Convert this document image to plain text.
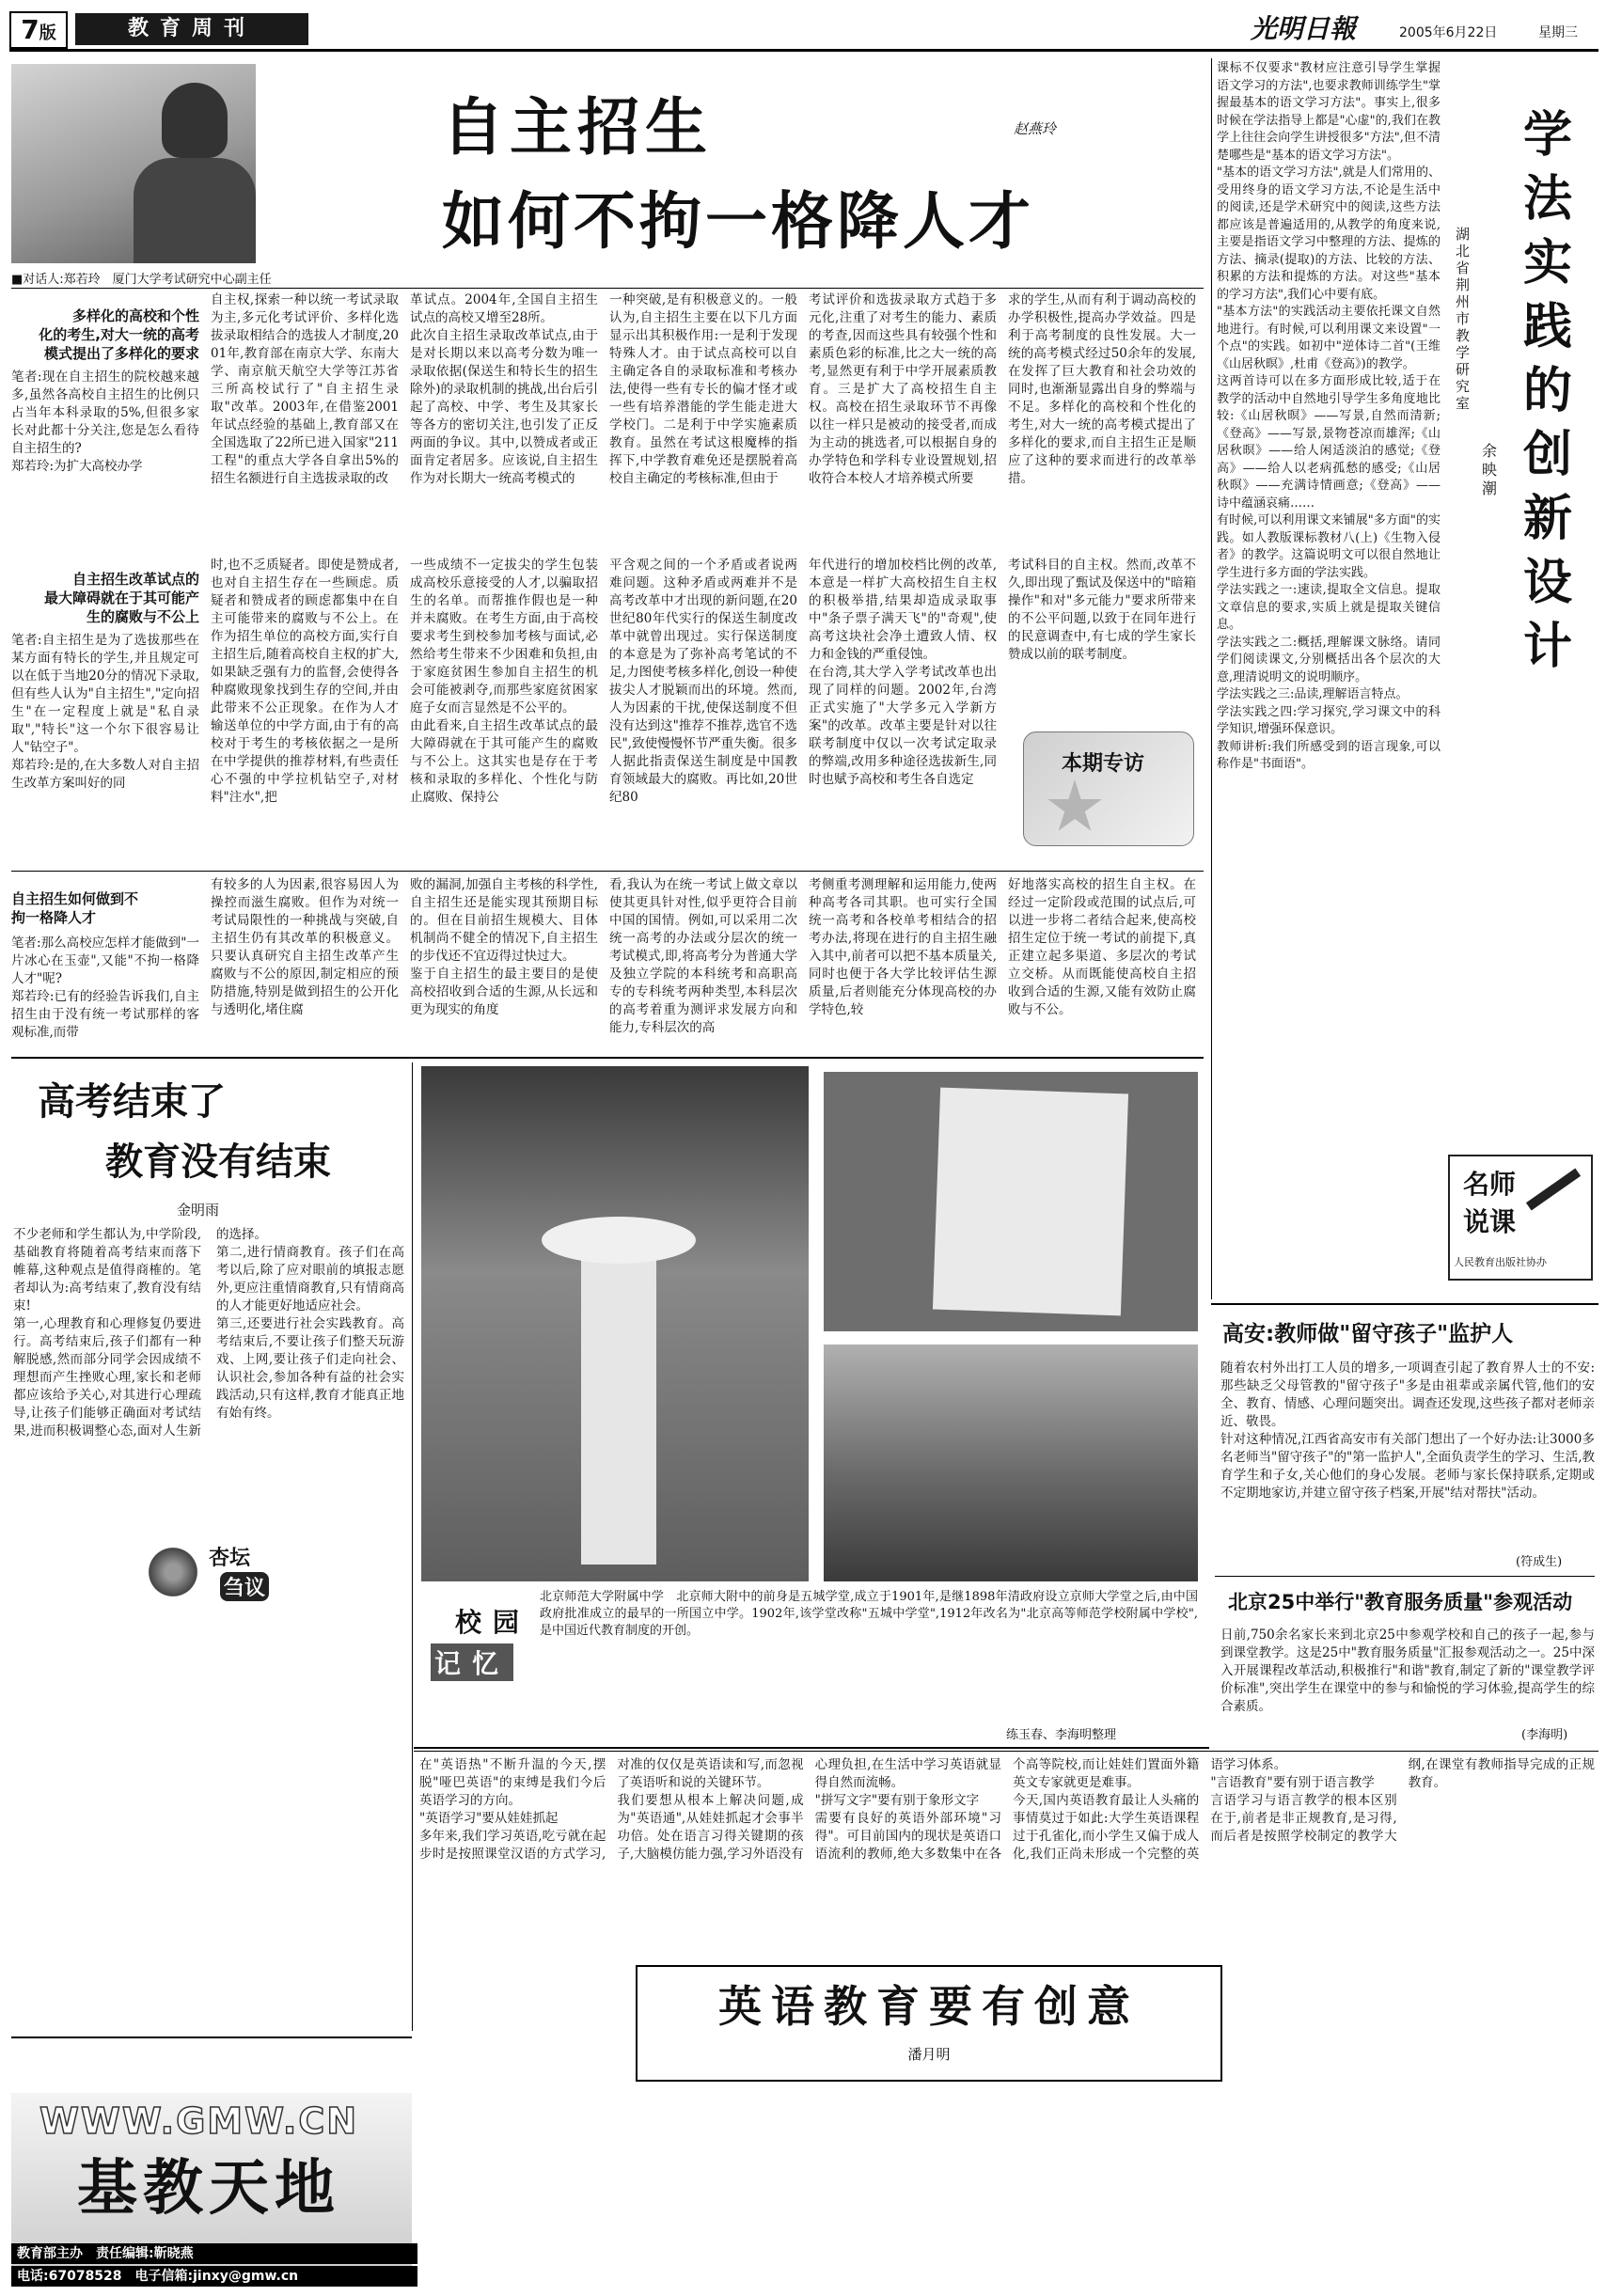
7版	教育周刊	光明日報	2005年6月22日	星期三
■对话人:郑若玲　厦门大学考试研究中心副主任
自主招生
如何不拘一格降人才
赵燕玲
多样化的高校和个性
化的考生,对大一统的高考
模式提出了多样化的要求
笔者:现在自主招生的院校越来越多,虽然各高校自主招生的比例只占当年本科录取的5%,但很多家长对此都十分关注,您是怎么看待自主招生的?
郑若玲:为扩大高校办学
自主权,探索一种以统一考试录取为主,多元化考试评价、多样化选拔录取相结合的选拔人才制度,2001年,教育部在南京大学、东南大学、南京航天航空大学等江苏省三所高校试行了"自主招生录取"改革。2003年,在借鉴2001年试点经验的基础上,教育部又在全国选取了22所已进入国家"211工程"的重点大学各自拿出5%的招生名额进行自主选拔录取的改
革试点。2004年,全国自主招生试点的高校又增至28所。
此次自主招生录取改革试点,由于是对长期以来以高考分数为唯一录取依据(保送生和特长生的招生除外)的录取机制的挑战,出台后引起了高校、中学、考生及其家长等各方的密切关注,也引发了正反两面的争议。其中,以赞成者或正面肯定者居多。应该说,自主招生作为对长期大一统高考模式的
一种突破,是有积极意义的。一般认为,自主招生主要在以下几方面显示出其积极作用:一是利于发现特殊人才。由于试点高校可以自主确定各自的录取标准和考核办法,使得一些有专长的偏才怪才或一些有培养潜能的学生能走进大学校门。二是利于中学实施素质教育。虽然在考试这根魔棒的指挥下,中学教育难免还是摆脱着高校自主确定的考核标准,但由于
考试评价和选拔录取方式趋于多元化,注重了对考生的能力、素质的考查,因而这些具有较强个性和素质色彩的标准,比之大一统的高考,显然更有利于中学开展素质教育。三是扩大了高校招生自主权。高校在招生录取环节不再像以往一样只是被动的接受者,而成为主动的挑选者,可以根据自身的办学特色和学科专业设置规划,招收符合本校人才培养模式所要
求的学生,从而有利于调动高校的办学积极性,提高办学效益。四是利于高考制度的良性发展。大一统的高考模式经过50余年的发展,在发挥了巨大教育和社会功效的同时,也渐渐显露出自身的弊端与不足。多样化的高校和个性化的考生,对大一统的高考模式提出了多样化的要求,而自主招生正是顺应了这种的要求而进行的改革举措。
自主招生改革试点的
最大障碍就在于其可能产
生的腐败与不公上
笔者:自主招生是为了选拔那些在某方面有特长的学生,并且规定可以在低于当地20分的情况下录取,但有些人认为"自主招生","定向招生"在一定程度上就是"私自录取","特长"这一个尔下很容易让人"钻空子"。
郑若玲:是的,在大多数人对自主招生改革方案叫好的同
时,也不乏质疑者。即使是赞成者,也对自主招生存在一些顾虑。质疑者和赞成者的顾虑都集中在自主可能带来的腐败与不公上。在作为招生单位的高校方面,实行自主招生后,随着高校自主权的扩大,如果缺乏强有力的监督,会使得各种腐败现象找到生存的空间,并由此带来不公正现象。在作为人才输送单位的中学方面,由于有的高校对于考生的考核依据之一是所在中学提供的推荐材料,有些责任心不强的中学拉机钻空子,对材料"注水",把
一些成绩不一定拔尖的学生包装成高校乐意接受的人才,以骗取招生的名单。而帮推作假也是一种并未腐败。在考生方面,由于高校要求考生到校参加考核与面试,必然给考生带来不少困难和负担,由于家庭贫困生参加自主招生的机会可能被剥夺,而那些家庭贫困家庭子女而言显然是不公平的。
由此看来,自主招生改革试点的最大障碍就在于其可能产生的腐败与不公上。这其实也是存在于考核和录取的多样化、个性化与防止腐败、保持公
平含观之间的一个矛盾或者说两难问题。这种矛盾或两难并不是高考改革中才出现的新问题,在20世纪80年代实行的保送生制度改革中就曾出现过。实行保送制度的本意是为了弥补高考笔试的不足,力图使考核多样化,创设一种使拔尖人才脱颖而出的环境。然而,人为因素的干扰,使保送制度不但没有达到这"推荐不推荐,选官不选民",致使慢慢怀节严重失衡。很多人据此指责保送生制度是中国教育领域最大的腐败。再比如,20世纪80
年代进行的增加校档比例的改革,本意是一样扩大高校招生自主权的积极举措,结果却造成录取事中"条子票子满天飞"的"奇观",使高考这块社会净土遭致人情、权力和金钱的严重侵蚀。
在台湾,其大学入学考试改革也出现了同样的问题。2002年,台湾正式实施了"大学多元入学新方案"的改革。改革主要是针对以往联考制度中仅以一次考试定取录的弊端,改用多种途径选拔新生,同时也赋予高校和考生各自选定
考试科目的自主权。然而,改革不久,即出现了甄试及保送中的"暗箱操作"和对"多元能力"要求所带来的不公平问题,以致于在同年进行的民意调查中,有七成的学生家长赞成以前的联考制度。
本期专访
自主招生如何做到不
拘一格降人才
笔者:那么高校应怎样才能做到"一片冰心在玉壶",又能"不拘一格降人才"呢?
郑若玲:已有的经验告诉我们,自主招生由于没有统一考试那样的客观标准,而带
有较多的人为因素,很容易因人为操控而滋生腐败。但作为对统一考试局限性的一种挑战与突破,自主招生仍有其改革的积极意义。只要认真研究自主招生改革产生腐败与不公的原因,制定相应的预防措施,特别是做到招生的公开化与透明化,堵住腐
败的漏洞,加强自主考核的科学性,自主招生还是能实现其预期目标的。但在目前招生规模大、目体机制尚不健全的情况下,自主招生的步伐还不宜迈得过快过大。
鉴于自主招生的最主要目的是使高校招收到合适的生源,从长远和更为现实的角度
看,我认为在统一考试上做文章以使其更具针对性,似乎更符合目前中国的国情。例如,可以采用二次统一高考的办法或分层次的统一考试模式,即,将高考分为普通大学及独立学院的本科统考和高职高专的专科统考两种类型,本科层次的高考着重为测评求发展方向和能力,专科层次的高
考侧重考测理解和运用能力,使两种高考各司其职。也可实行全国统一高考和各校单考相结合的招考办法,将现在进行的自主招生融入其中,前者可以把不基本质量关,同时也便于各大学比较评估生源质量,后者则能充分体现高校的办学特色,较
好地落实高校的招生自主权。在经过一定阶段或范围的试点后,可以进一步将二者结合起来,使高校招生定位于统一考试的前提下,真正建立起多渠道、多层次的考试立交桥。从而既能使高校自主招收到合适的生源,又能有效防止腐败与不公。
课标不仅要求"教材应注意引导学生掌握语文学习的方法",也要求教师训练学生"掌握最基本的语文学习方法"。事实上,很多时候在学法指导上都是"心虚"的,我们在教学上往往会向学生讲授很多"方法",但不清楚哪些是"基本的语文学习方法"。
"基本的语文学习方法",就是人们常用的、受用终身的语文学习方法,不论是生活中的阅读,还是学术研究中的阅读,这些方法都应该是普遍适用的,从教学的角度来说,主要是指语文学习中整理的方法、提炼的方法、摘录(提取)的方法、比较的方法、积累的方法和提炼的方法。对这些"基本的学习方法",我们心中要有底。
"基本方法"的实践活动主要依托课文自然地进行。有时候,可以利用课文来设置"一个点"的实践。如初中"逆体诗二首"(王维《山居秋暝》,杜甫《登高》)的教学。
这两首诗可以在多方面形成比较,适于在教学的活动中自然地引导学生多角度地比较:《山居秋暝》——写景,自然而清新;《登高》——写景,景物苍凉而雄浑;《山居秋暝》——给人闲适淡泊的感觉;《登高》——给人以老病孤愁的感受;《山居秋暝》——充满诗情画意;《登高》——诗中蕴涵哀痛……
有时候,可以利用课文来铺展"多方面"的实践。如人教版课标教材八(上)《生物入侵者》的教学。这篇说明文可以很自然地让学生进行多方面的学法实践。
学法实践之一:速读,提取全文信息。提取文章信息的要求,实质上就是提取关键信息。
学法实践之二:概括,理解课文脉络。请同学们阅读课文,分别概括出各个层次的大意,理清说明文的说明顺序。
学法实践之三:品读,理解语言特点。
学法实践之四:学习探究,学习课文中的科学知识,增强环保意识。
教师讲析:我们所感受到的语言现象,可以称作是"书面语"。
学
法
实
践
的
创
新
设
计
湖北省荆州市教学研究室
余映潮
名师
说课
人民教育出版社协办
高考结束了
教育没有结束
金明雨
不少老师和学生都认为,中学阶段,基础教育将随着高考结束而落下帷幕,这种观点是值得商榷的。笔者却认为:高考结束了,教育没有结束!
第一,心理教育和心理修复仍要进行。高考结束后,孩子们都有一种解脱感,然而部分同学会因成绩不理想而产生挫败心理,家长和老师都应该给予关心,对其进行心理疏导,让孩子们能够正确面对考试结果,进而积极调整心态,面对人生新的选择。
第二,进行情商教育。孩子们在高考以后,除了应对眼前的填报志愿外,更应注重情商教育,只有情商高的人才能更好地适应社会。
第三,还要进行社会实践教育。高考结束后,不要让孩子们整天玩游戏、上网,要让孩子们走向社会、认识社会,参加各种有益的社会实践活动,只有这样,教育才能真正地有始有终。
杏坛
刍议
校园
记忆
北京师范大学附属中学　北京师大附中的前身是五城学堂,成立于1901年,是继1898年清政府设立京师大学堂之后,由中国政府批准成立的最早的一所国立中学。1902年,该学堂改称"五城中学堂",1912年改名为"北京高等师范学校附属中学校",是中国近代教育制度的开创。
练玉春、李海明整理
高安:教师做"留守孩子"监护人
随着农村外出打工人员的增多,一项调查引起了教育界人士的不安:那些缺乏父母管教的"留守孩子"多是由祖辈或亲属代管,他们的安全、教育、情感、心理问题突出。调查还发现,这些孩子都对老师亲近、敬畏。
针对这种情况,江西省高安市有关部门想出了一个好办法:让3000多名老师当"留守孩子"的"第一监护人",全面负责学生的学习、生活,教育学生和子女,关心他们的身心发展。老师与家长保持联系,定期或不定期地家访,并建立留守孩子档案,开展"结对帮扶"活动。
(符成生)
北京25中举行"教育服务质量"参观活动
日前,750余名家长来到北京25中参观学校和自己的孩子一起,参与到课堂教学。这是25中"教育服务质量"汇报参观活动之一。25中深入开展课程改革活动,积极推行"和谐"教育,制定了新的"课堂教学评价标准",突出学生在课堂中的参与和愉悦的学习体验,提高学生的综合素质。
(李海明)
在"英语热"不断升温的今天,摆脱"哑巴英语"的束缚是我们今后英语学习的方向。
"英语学习"要从娃娃抓起
多年来,我们学习英语,吃亏就在起步时是按照课堂汉语的方式学习,对准的仅仅是英语读和写,而忽视了英语听和说的关键环节。
我们要想从根本上解决问题,成为"英语通",从娃娃抓起才会事半功倍。处在语言习得关键期的孩子,大脑模仿能力强,学习外语没有心理负担,在生活中学习英语就显得自然而流畅。
"拼写文字"要有别于象形文字
需要有良好的英语外部环境"习得"。可目前国内的现状是英语口语流利的教师,绝大多数集中在各个高等院校,而让娃娃们置面外籍英文专家就更是难事。
今天,国内英语教育最让人头痛的事情莫过于如此:大学生英语课程过于孔雀化,而小学生又偏于成人化,我们正尚未形成一个完整的英语学习体系。
"言语教育"要有别于语言教学
言语学习与语言教学的根本区别在于,前者是非正规教育,是习得,而后者是按照学校制定的教学大纲,在课堂有教师指导完成的正规教育。
英语教育要有创意
潘月明
WWW.GMW.CN
基教天地
教育部主办　责任编辑:靳晓燕
电话:67078528　电子信箱:jinxy@gmw.cn
